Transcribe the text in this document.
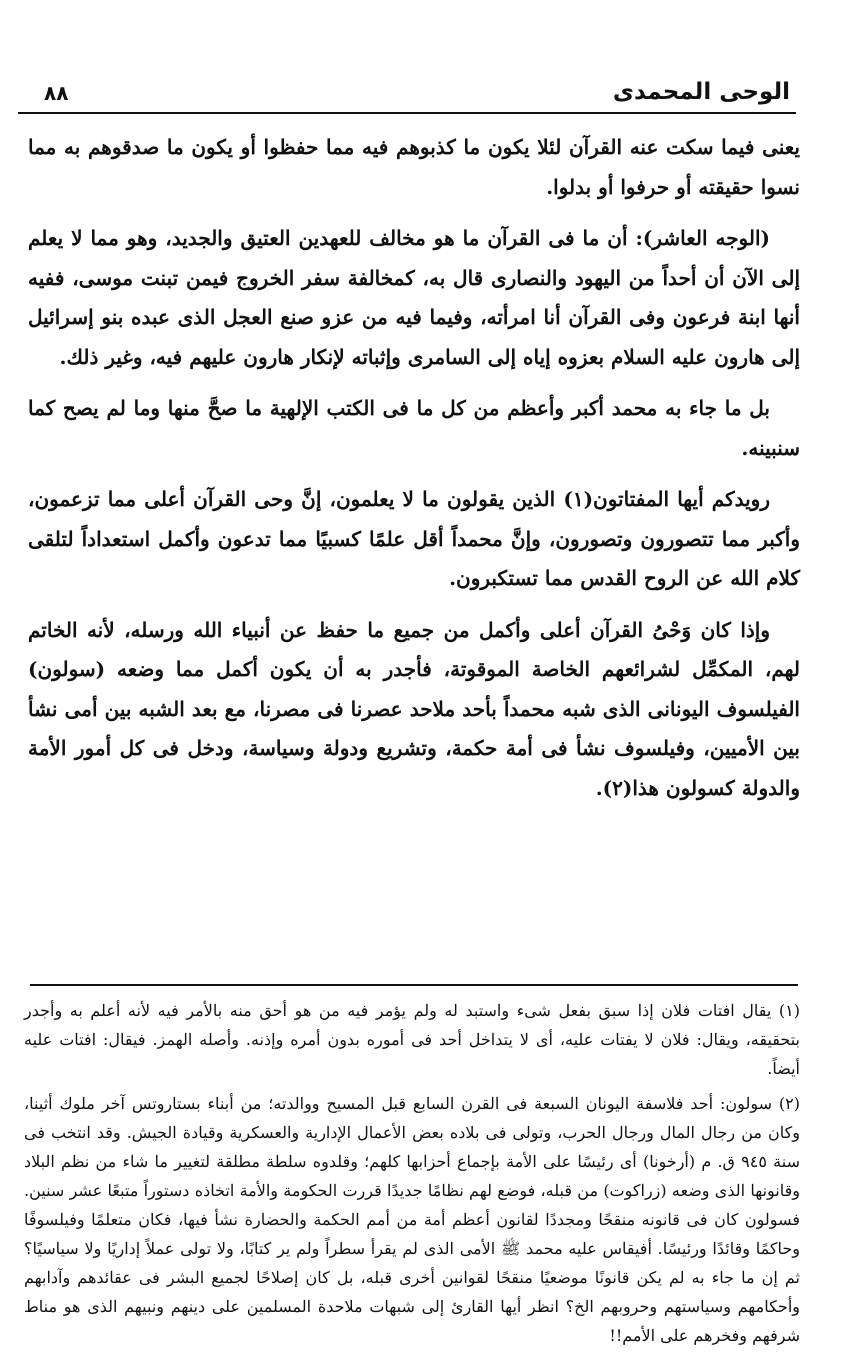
الوحى المحمدى
٨٨

يعنى فيما سكت عنه القرآن لئلا يكون ما كذبوهم فيه مما حفظوا أو يكون ما صدقوهم به مما نسوا حقيقته أو حرفوا أو بدلوا.

(الوجه العاشر): أن ما فى القرآن ما هو مخالف للعهدين العتيق والجديد، وهو مما لا يعلم إلى الآن أن أحداً من اليهود والنصارى قال به، كمخالفة سفر الخروج فيمن تبنت موسى، ففيه أنها ابنة فرعون وفى القرآن أنا امرأته، وفيما فيه من عزو صنع العجل الذى عبده بنو إسرائيل إلى هارون عليه السلام بعزوه إياه إلى السامرى وإثباته لإنكار هارون عليهم فيه، وغير ذلك.

بل ما جاء به محمد أكبر وأعظم من كل ما فى الكتب الإلهية ما صحَّ منها وما لم يصح كما سنبينه.

رويدكم أيها المفتاتون(١) الذين يقولون ما لا يعلمون، إنَّ وحى القرآن أعلى مما تزعمون، وأكبر مما تتصورون وتصورون، وإنَّ محمداً أقل علمًا كسبيًا مما تدعون وأكمل استعداداً لتلقى كلام الله عن الروح القدس مما تستكبرون.

وإذا كان وَحْىُ القرآن أعلى وأكمل من جميع ما حفظ عن أنبياء الله ورسله، لأنه الخاتم لهم، المكمِّل لشرائعهم الخاصة الموقوتة، فأجدر به أن يكون أكمل مما وضعه (سولون) الفيلسوف اليونانى الذى شبه محمداً بأحد ملاحد عصرنا فى مصرنا، مع بعد الشبه بين أمى نشأ بين الأميين، وفيلسوف نشأ فى أمة حكمة، وتشريع ودولة وسياسة، ودخل فى كل أمور الأمة والدولة كسولون هذا(٢).

(١) يقال افتات فلان إذا سبق بفعل شىء واستبد له ولم يؤمر فيه من هو أحق منه بالأمر فيه لأنه أعلم به وأجدر بتحقيقه، ويقال: فلان لا يفتات عليه، أى لا يتداخل أحد فى أموره بدون أمره وإذنه. وأصله الهمز. فيقال: افتات عليه أيضاً.

(٢) سولون: أحد فلاسفة اليونان السبعة فى القرن السابع قبل المسيح ووالدته؛ من أبناء بستاروتس آخر ملوك أثينا، وكان من رجال المال ورجال الحرب، وتولى فى بلاده بعض الأعمال الإدارية والعسكرية وقيادة الجيش. وقد انتخب فى سنة ٩٤٥ ق. م (أرخونا) أى رئيسًا على الأمة بإجماع أحزابها كلهم؛ وقلدوه سلطة مطلقة لتغيير ما شاء من نظم البلاد وقانونها الذى وضعه (زراكوت) من قبله، فوضع لهم نظامًا جديدًا قررت الحكومة والأمة اتخاذه دستوراً متبعًا عشر سنين. فسولون كان فى قانونه منقحًا ومجددًا لقانون أعظم أمة من أمم الحكمة والحضارة نشأ فيها، فكان متعلمًا وفيلسوفًا وحاكمًا وقائدًا ورئيسًا. أفيقاس عليه محمد ﷺ الأمى الذى لم يقرأ سطراً ولم ير كتابًا، ولا تولى عملاً إداريًا ولا سياسيًا؟ ثم إن ما جاء به لم يكن قانونًا موضعيًا منقحًا لقوانين أخرى قبله، بل كان إصلاحًا لجميع البشر فى عقائدهم وآدابهم وأحكامهم وسياستهم وحروبهم الخ؟ انظر أيها القارئ إلى شبهات ملاحدة المسلمين على دينهم ونبيهم الذى هو مناط شرفهم وفخرهم على الأمم!!
